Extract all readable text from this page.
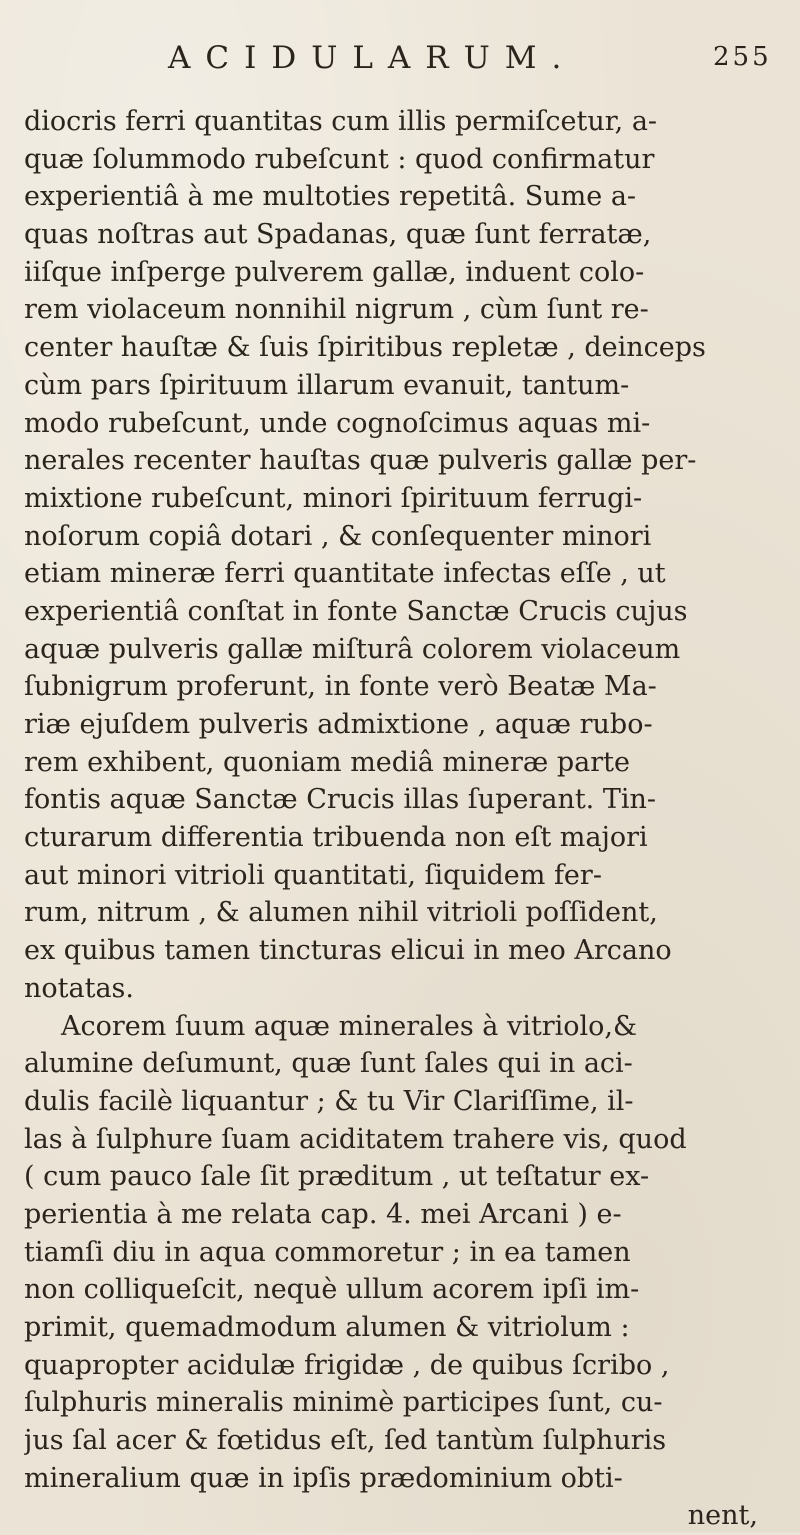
ACIDULARUM.	255
diocris ferri quantitas cum illis permiſcetur, a-
quæ ſolummodo rubeſcunt : quod confirmatur
experientiâ à me multoties repetitâ. Sume a-
quas noſtras aut Spadanas, quæ ſunt ferratæ,
iiſque inſperge pulverem gallæ, induent colo-
rem violaceum nonnihil nigrum , cùm ſunt re-
center hauſtæ & ſuis ſpiritibus repletæ , deinceps
cùm pars ſpirituum illarum evanuit, tantum-
modo rubeſcunt, unde cognoſcimus aquas mi-
nerales recenter hauſtas quæ pulveris gallæ per-
mixtione rubeſcunt, minori ſpirituum ferrugi-
noſorum copiâ dotari , & conſequenter minori
etiam mineræ ferri quantitate infectas eſſe , ut
experientiâ conſtat in fonte Sanctæ Crucis cujus
aquæ pulveris gallæ miſturâ colorem violaceum
ſubnigrum proferunt, in fonte verò Beatæ Ma-
riæ ejuſdem pulveris admixtione , aquæ rubo-
rem exhibent, quoniam mediâ mineræ parte
fontis aquæ Sanctæ Crucis illas ſuperant. Tin-
cturarum differentia tribuenda non eſt majori
aut minori vitrioli quantitati, ſiquidem fer-
rum, nitrum , & alumen nihil vitrioli poſſident,
ex quibus tamen tincturas elicui in meo Arcano
notatas.
Acorem ſuum aquæ minerales à vitriolo,&
alumine deſumunt, quæ ſunt ſales qui in aci-
dulis facilè liquantur ; & tu Vir Clariſſime, il-
las à ſulphure ſuam aciditatem trahere vis, quod
( cum pauco ſale ſit præditum , ut teſtatur ex-
perientia à me relata cap. 4. mei Arcani ) e-
tiamſi diu in aqua commoretur ; in ea tamen
non colliqueſcit, nequè ullum acorem ipſi im-
primit, quemadmodum alumen & vitriolum :
quapropter acidulæ frigidæ , de quibus ſcribo ,
ſulphuris mineralis minimè participes ſunt, cu-
jus ſal acer & fœtidus eſt, ſed tantùm ſulphuris
mineralium quæ in ipſis prædominium obti-
nent,
